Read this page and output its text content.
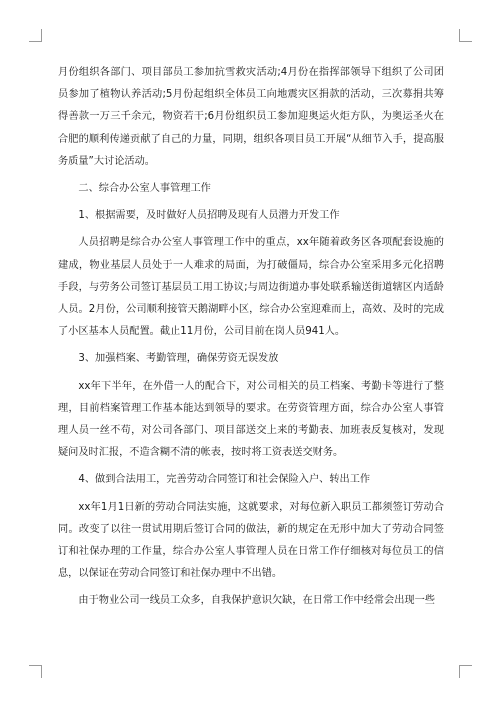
月份组织各部门、项目部员工参加抗雪救灾活动;4月份在指挥部领导下组织了公司团员参加了植物认养活动;5月份起组织全体员工向地震灾区捐款的活动，三次募捐共筹得善款一万三千余元，物资若干;6月份组织员工参加迎奥运火炬方队，为奥运圣火在合肥的顺利传递贡献了自己的力量，同期，组织各项目员工开展“从细节入手，提高服务质量”大讨论活动。

二、综合办公室人事管理工作

1、根据需要，及时做好人员招聘及现有人员潜力开发工作

人员招聘是综合办公室人事管理工作中的重点，xx年随着政务区各项配套设施的建成，物业基层人员处于一人难求的局面，为打破僵局，综合办公室采用多元化招聘手段，与劳务公司签订基层员工用工协议;与周边街道办事处联系输送街道辖区内适龄人员。2月份，公司顺利接管天鹅湖畔小区，综合办公室迎难而上，高效、及时的完成了小区基本人员配置。截止11月份，公司目前在岗人员941人。

3、加强档案、考勤管理，确保劳资无误发放

xx年下半年，在外借一人的配合下，对公司相关的员工档案、考勤卡等进行了整理，目前档案管理工作基本能达到领导的要求。在劳资管理方面，综合办公室人事管理人员一丝不苟，对公司各部门、项目部送交上来的考勤表、加班表反复核对，发现疑问及时汇报，不造含糊不清的帐表，按时将工资表送交财务。

4、做到合法用工，完善劳动合同签订和社会保险入户、转出工作

xx年1月1日新的劳动合同法实施，这就要求，对每位新入职员工都须签订劳动合同。改变了以往一贯试用期后签订合同的做法，新的规定在无形中加大了劳动合同签订和社保办理的工作量，综合办公室人事管理人员在日常工作仔细核对每位员工的信息，以保证在劳动合同签订和社保办理中不出错。

由于物业公司一线员工众多，自我保护意识欠缺，在日常工作中经常会出现一些
